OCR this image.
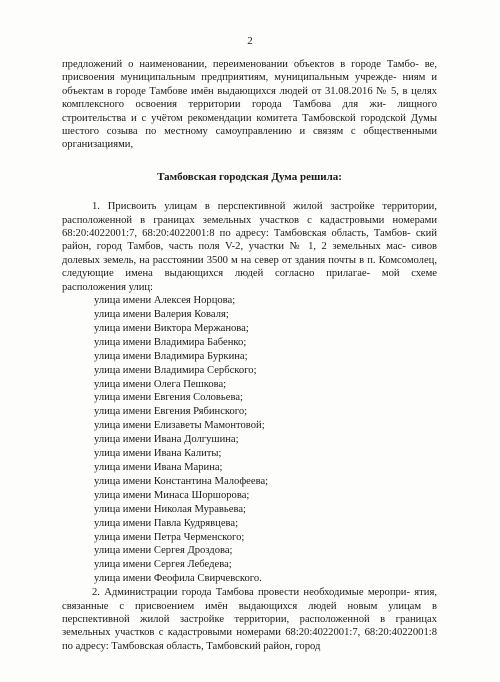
2

предложений о наименовании, переименовании объектов в городе Тамбо- ве, присвоения муниципальным предприятиям, муниципальным учрежде- ниям и объектам в городе Тамбове имён выдающихся людей от 31.08.2016 № 5, в целях комплексного освоения территории города Тамбова для жи- лищного строительства и с учётом рекомендации комитета Тамбовской городской Думы шестого созыва по местному самоуправлению и связям с общественными организациями,

Тамбовская городская Дума решила:

1. Присвоить улицам в перспективной жилой застройке территории, расположенной в границах земельных участков с кадастровыми номерами 68:20:4022001:7, 68:20:4022001:8 по адресу: Тамбовская область, Тамбов- ский район, город Тамбов, часть поля V-2, участки № 1, 2 земельных мас- сивов долевых земель, на расстоянии 3500 м на север от здания почты в п. Комсомолец, следующие имена выдающихся людей согласно прилагае- мой схеме расположения улиц:

улица имени Алексея Норцова;
улица имени Валерия Коваля;
улица имени Виктора Мержанова;
улица имени Владимира Бабенко;
улица имени Владимира Буркина;
улица имени Владимира Сербского;
улица имени Олега Пешкова;
улица имени Евгения Соловьева;
улица имени Евгения Рябинского;
улица имени Елизаветы Мамонтовой;
улица имени Ивана Долгушина;
улица имени Ивана Калиты;
улица имени Ивана Марина;
улица имени Константина Малофеева;
улица имени Минаса Шоршорова;
улица имени Николая Муравьева;
улица имени Павла Кудрявцева;
улица имени Петра Черменского;
улица имени Сергея Дроздова;
улица имени Сергея Лебедева;
улица имени Феофила Свирчевского.

2. Администрации города Тамбова провести необходимые меропри- ятия, связанные с присвоением имён выдающихся людей новым улицам в перспективной жилой застройке территории, расположенной в границах земельных участков с кадастровыми номерами 68:20:4022001:7, 68:20:4022001:8 по адресу: Тамбовская область, Тамбовский район, город
